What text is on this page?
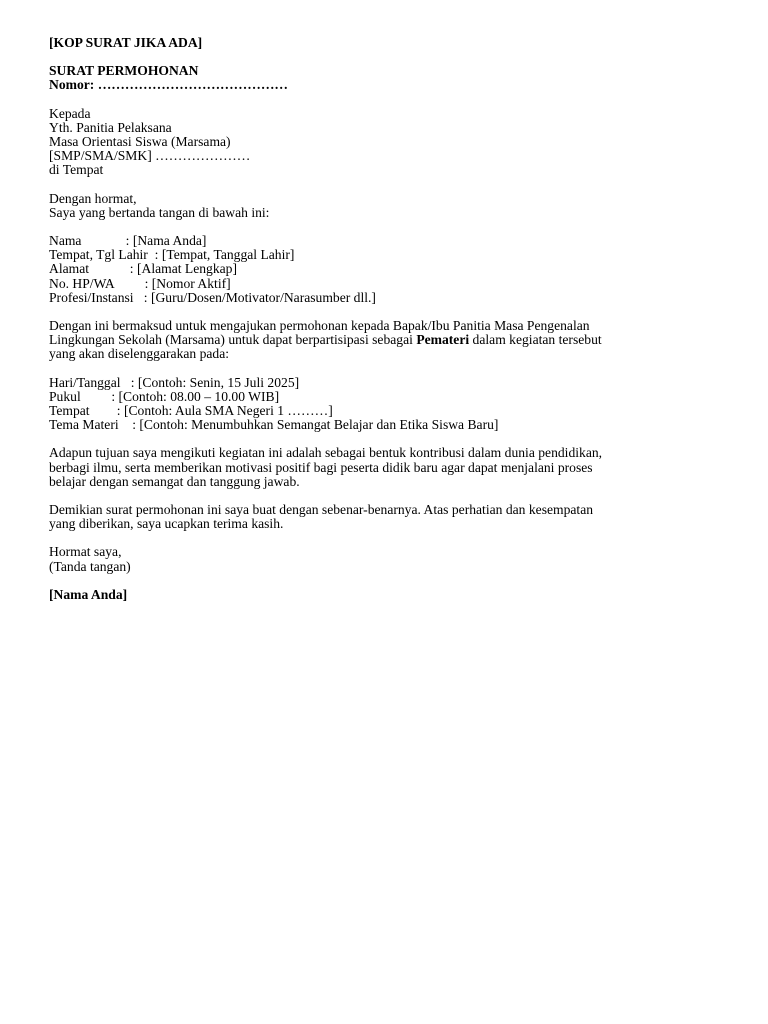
[KOP SURAT JIKA ADA]
SURAT PERMOHONAN
Nomor: ……………………………………
Kepada
Yth. Panitia Pelaksana
Masa Orientasi Siswa (Marsama)
[SMP/SMA/SMK] …………………
di Tempat
Dengan hormat,
Saya yang bertanda tangan di bawah ini:
Nama	: [Nama Anda]
Tempat, Tgl Lahir : [Tempat, Tanggal Lahir]
Alamat	: [Alamat Lengkap]
No. HP/WA : [Nomor Aktif]
Profesi/Instansi : [Guru/Dosen/Motivator/Narasumber dll.]
Dengan ini bermaksud untuk mengajukan permohonan kepada Bapak/Ibu Panitia Masa Pengenalan
Lingkungan Sekolah (Marsama) untuk dapat berpartisipasi sebagai Pemateri dalam kegiatan tersebut
yang akan diselenggarakan pada:
Hari/Tanggal : [Contoh: Senin, 15 Juli 2025]
Pukul : [Contoh: 08.00 – 10.00 WIB]
Tempat : [Contoh: Aula SMA Negeri 1 ………]
Tema Materi : [Contoh: Menumbuhkan Semangat Belajar dan Etika Siswa Baru]
Adapun tujuan saya mengikuti kegiatan ini adalah sebagai bentuk kontribusi dalam dunia pendidikan,
berbagi ilmu, serta memberikan motivasi positif bagi peserta didik baru agar dapat menjalani proses
belajar dengan semangat dan tanggung jawab.
Demikian surat permohonan ini saya buat dengan sebenar-benarnya. Atas perhatian dan kesempatan
yang diberikan, saya ucapkan terima kasih.
Hormat saya,
(Tanda tangan)
[Nama Anda]
